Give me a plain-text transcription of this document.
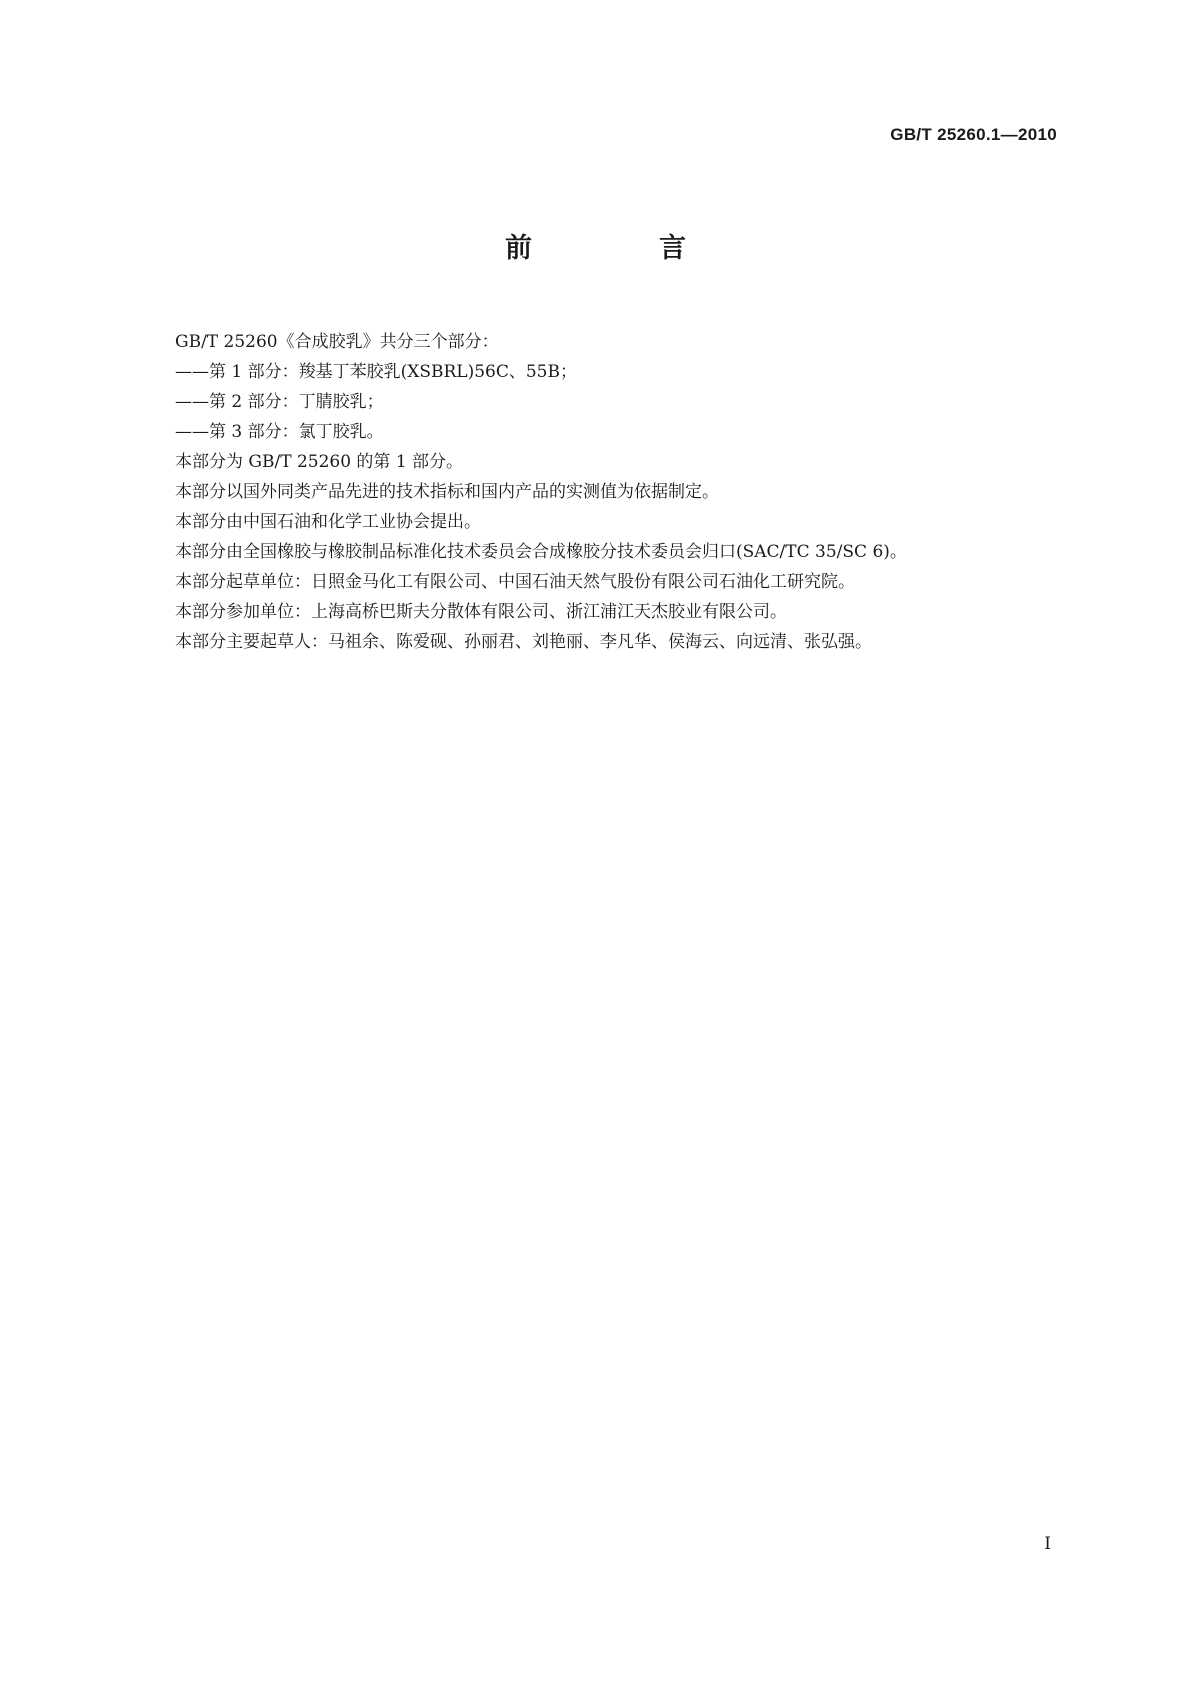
GB/T 25260.1—2010
前　言
GB/T 25260《合成胶乳》共分三个部分：
——第 1 部分：羧基丁苯胶乳(XSBRL)56C、55B；
——第 2 部分：丁腈胶乳；
——第 3 部分：氯丁胶乳。
本部分为 GB/T 25260 的第 1 部分。
本部分以国外同类产品先进的技术指标和国内产品的实测值为依据制定。
本部分由中国石油和化学工业协会提出。
本部分由全国橡胶与橡胶制品标准化技术委员会合成橡胶分技术委员会归口(SAC/TC 35/SC 6)。
本部分起草单位：日照金马化工有限公司、中国石油天然气股份有限公司石油化工研究院。
本部分参加单位：上海高桥巴斯夫分散体有限公司、浙江浦江天杰胶业有限公司。
本部分主要起草人：马祖余、陈爱砚、孙丽君、刘艳丽、李凡华、侯海云、向远清、张弘强。
I
